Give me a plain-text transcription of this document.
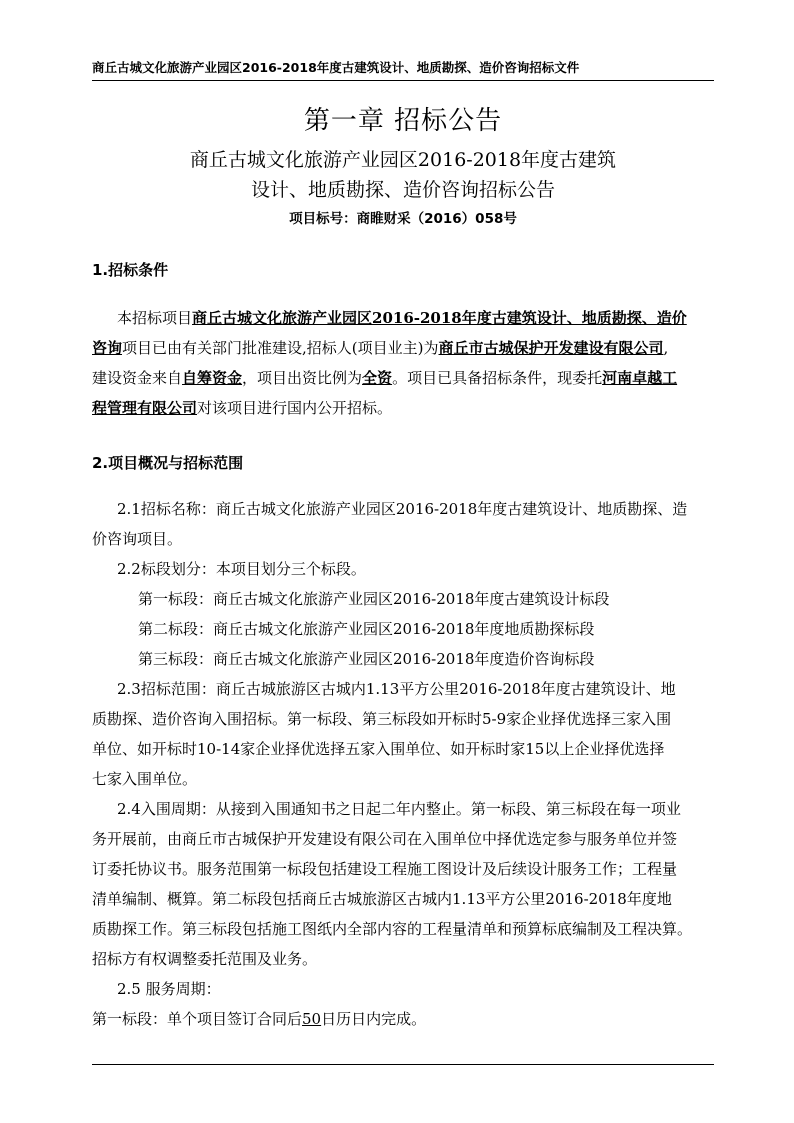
商丘古城文化旅游产业园区2016-2018年度古建筑设计、地质勘探、造价咨询招标文件
第一章 招标公告
商丘古城文化旅游产业园区2016-2018年度古建筑
设计、地质勘探、造价咨询招标公告
项目标号：商睢财采（2016）058号
1.招标条件
本招标项目商丘古城文化旅游产业园区2016-2018年度古建筑设计、地质勘探、造价
咨询项目已由有关部门批准建设,招标人(项目业主)为商丘市古城保护开发建设有限公司,
建设资金来自自筹资金，项目出资比例为全资。项目已具备招标条件，现委托河南卓越工
程管理有限公司对该项目进行国内公开招标。
2.项目概况与招标范围
2.1招标名称：商丘古城文化旅游产业园区2016-2018年度古建筑设计、地质勘探、造
价咨询项目。
2.2标段划分：本项目划分三个标段。
第一标段：商丘古城文化旅游产业园区2016-2018年度古建筑设计标段
第二标段：商丘古城文化旅游产业园区2016-2018年度地质勘探标段
第三标段：商丘古城文化旅游产业园区2016-2018年度造价咨询标段
2.3招标范围：商丘古城旅游区古城内1.13平方公里2016-2018年度古建筑设计、地
质勘探、造价咨询入围招标。第一标段、第三标段如开标时5-9家企业择优选择三家入围
单位、如开标时10-14家企业择优选择五家入围单位、如开标时家15以上企业择优选择
七家入围单位。
2.4入围周期：从接到入围通知书之日起二年内整止。第一标段、第三标段在每一项业
务开展前，由商丘市古城保护开发建设有限公司在入围单位中择优选定参与服务单位并签
订委托协议书。服务范围第一标段包括建设工程施工图设计及后续设计服务工作；工程量
清单编制、概算。第二标段包括商丘古城旅游区古城内1.13平方公里2016-2018年度地
质勘探工作。第三标段包括施工图纸内全部内容的工程量清单和预算标底编制及工程决算。
招标方有权调整委托范围及业务。
2.5 服务周期：
第一标段：单个项目签订合同后50日历日内完成。
